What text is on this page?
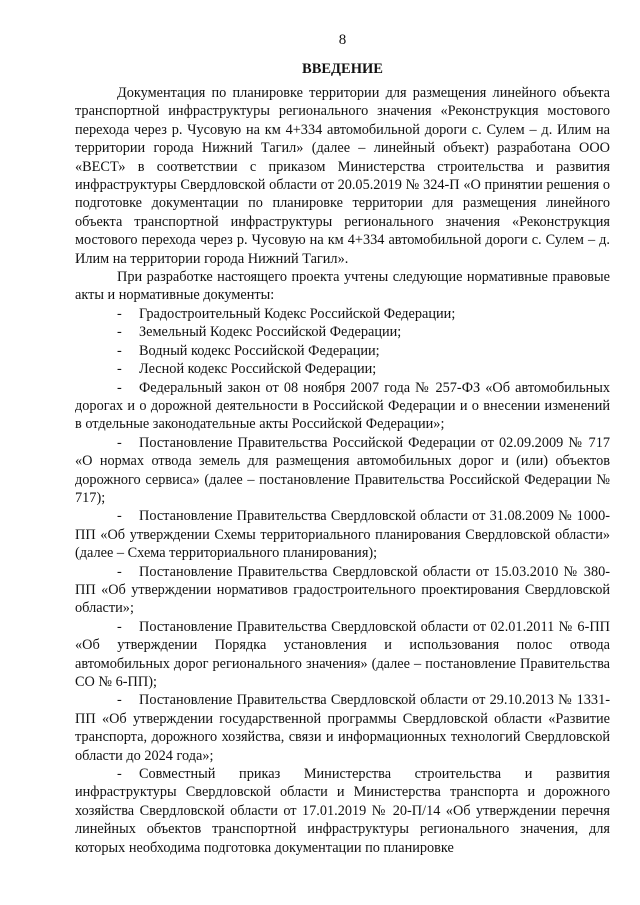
8
ВВЕДЕНИЕ

Документация по планировке территории для размещения линейного объекта транспортной инфраструктуры регионального значения «Реконструкция мостового перехода через р. Чусовую на км 4+334 автомобильной дороги с. Сулем – д. Илим на территории города Нижний Тагил» (далее – линейный объект) разработана ООО «ВЕСТ» в соответствии с приказом Министерства строительства и развития инфраструктуры Свердловской области от 20.05.2019 № 324-П «О принятии решения о подготовке документации по планировке территории для размещения линейного объекта транспортной инфраструктуры регионального значения «Реконструкция мостового перехода через р. Чусовую на км 4+334 автомобильной дороги с. Сулем – д. Илим на территории города Нижний Тагил».

При разработке настоящего проекта учтены следующие нормативные правовые акты и нормативные документы:

- Градостроительный Кодекс Российской Федерации;

- Земельный Кодекс Российской Федерации;

- Водный кодекс Российской Федерации;

- Лесной кодекс Российской Федерации;

- Федеральный закон от 08 ноября 2007 года № 257-ФЗ «Об автомобильных дорогах и о дорожной деятельности в Российской Федерации и о внесении изменений в отдельные законодательные акты Российской Федерации»;

- Постановление Правительства Российской Федерации от 02.09.2009 № 717 «О нормах отвода земель для размещения автомобильных дорог и (или) объектов дорожного сервиса» (далее – постановление Правительства Российской Федерации № 717);

- Постановление Правительства Свердловской области от 31.08.2009 № 1000-ПП «Об утверждении Схемы территориального планирования Свердловской области» (далее – Схема территориального планирования);

- Постановление Правительства Свердловской области от 15.03.2010 № 380-ПП «Об утверждении нормативов градостроительного проектирования Свердловской области»;

- Постановление Правительства Свердловской области от 02.01.2011 № 6-ПП «Об утверждении Порядка установления и использования полос отвода автомобильных дорог регионального значения» (далее – постановление Правительства СО № 6-ПП);

- Постановление Правительства Свердловской области от 29.10.2013 № 1331-ПП «Об утверждении государственной программы Свердловской области «Развитие транспорта, дорожного хозяйства, связи и информационных технологий Свердловской области до 2024 года»;

- Совместный приказ Министерства строительства и развития инфраструктуры Свердловской области и Министерства транспорта и дорожного хозяйства Свердловской области от 17.01.2019 № 20-П/14 «Об утверждении перечня линейных объектов транспортной инфраструктуры регионального значения, для которых необходима подготовка документации по планировке
